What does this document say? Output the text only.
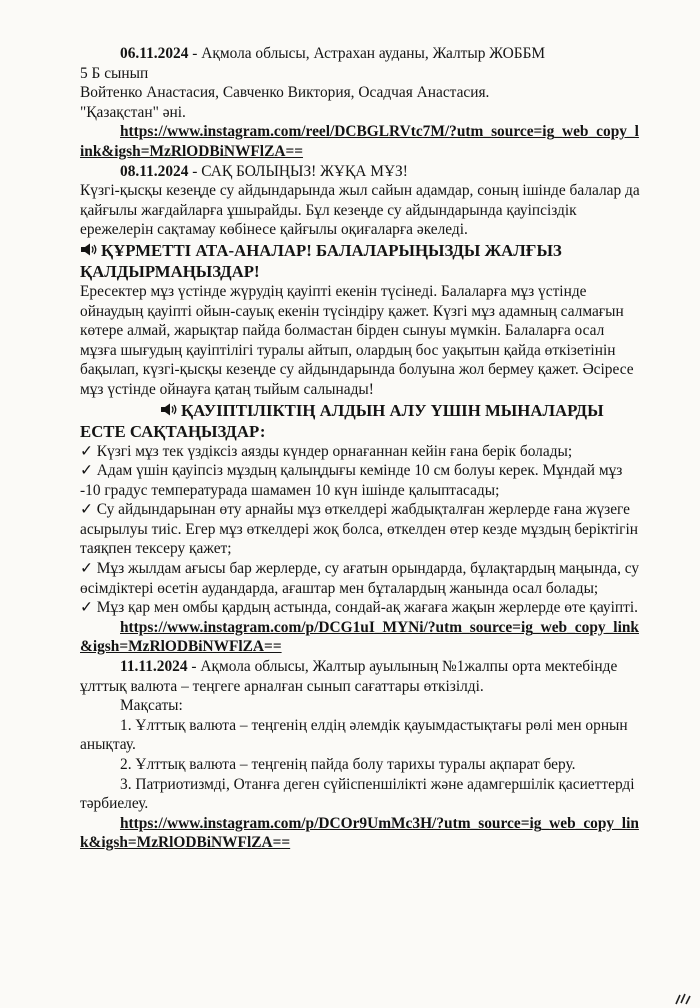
06.11.2024 - Ақмола облысы, Астрахан ауданы, Жалтыр ЖОББМ

5 Б сынып

Войтенко Анастасия, Савченко Виктория, Осадчая Анастасия.

"Қазақстан" әні.

https://www.instagram.com/reel/DCBGLRVtc7M/?utm_source=ig_web_copy_link&igsh=MzRlODBiNWFlZA==

08.11.2024 - САҚ БОЛЫҢЫЗ! ЖҰҚА МҰЗ!

Күзгі-қысқы кезеңде су айдындарында жыл сайын адамдар, соның ішінде балалар да қайғылы жағдайларға ұшырайды. Бұл кезеңде су айдындарында қауіпсіздік ережелерін сақтамау көбінесе қайғылы оқиғаларға әкеледі.

ҚҰРМЕТТІ АТА-АНАЛАР! БАЛАЛАРЫҢЫЗДЫ ЖАЛҒЫЗ ҚАЛДЫРМАҢЫЗДАР!

Ересектер мұз үстінде жүрудің қауіпті екенін түсінеді. Балаларға мұз үстінде ойнаудың қауіпті ойын-сауық екенін түсіндіру қажет. Күзгі мұз адамның салмағын көтере алмай, жарықтар пайда болмастан бірден сынуы мүмкін. Балаларға осал мұзға шығудың қауіптілігі туралы айтып, олардың бос уақытын қайда өткізетінін бақылап, күзгі-қысқы кезеңде су айдындарында болуына жол бермеу қажет. Әсіресе мұз үстінде ойнауға қатаң тыйым салынады!

ҚАУІПТІЛІКТІҢ АЛДЫН АЛУ ҮШІН МЫНАЛАРДЫ ЕСТЕ САҚТАҢЫЗДАР:

✓ Күзгі мұз тек үздіксіз аязды күндер орнағаннан кейін ғана берік болады;

✓ Адам үшін қауіпсіз мұздың қалыңдығы кемінде 10 см болуы керек. Мұндай мұз -10 градус температурада шамамен 10 күн ішінде қалыптасады;

✓ Су айдындарынан өту арнайы мұз өткелдері жабдықталған жерлерде ғана жүзеге асырылуы тиіс. Егер мұз өткелдері жоқ болса, өткелден өтер кезде мұздың беріктігін таяқпен тексеру қажет;

✓ Мұз жылдам ағысы бар жерлерде, су ағатын орындарда, бұлақтардың маңында, су өсімдіктері өсетін аудандарда, ағаштар мен бұталардың жанында осал болады;

✓ Мұз қар мен омбы қардың астында, сондай-ақ жағаға жақын жерлерде өте қауіпті.

https://www.instagram.com/p/DCG1uI_MYNi/?utm_source=ig_web_copy_link&igsh=MzRlODBiNWFlZA==

11.11.2024 - Ақмола облысы, Жалтыр ауылының №1жалпы орта мектебінде ұлттық валюта – теңгеге арналған сынып сағаттары өткізілді.

Мақсаты:

1. Ұлттық валюта – теңгенің елдің әлемдік қауымдастықтағы рөлі мен орнын анықтау.

2. Ұлттық валюта – теңгенің пайда болу тарихы туралы ақпарат беру.

3. Патриотизмді, Отанға деген сүйіспеншілікті және адамгершілік қасиеттерді тәрбиелеу.

https://www.instagram.com/p/DCOr9UmMc3H/?utm_source=ig_web_copy_link&igsh=MzRlODBiNWFlZA==
